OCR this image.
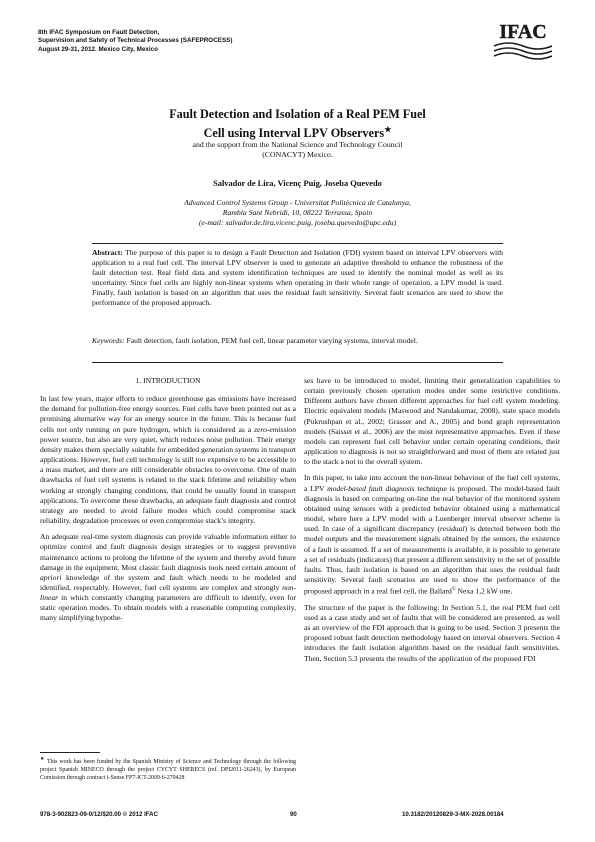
8th IFAC Symposium on Fault Detection,
Supervision and Safety of Technical Processes (SAFEPROCESS)
August 29-31, 2012. Mexico City, Mexico
IFAC
Fault Detection and Isolation of a Real PEM Fuel
Cell using Interval LPV Observers★
and the support from the National Science and Technology Council
(CONACYT) Mexico.
Salvador de Lira, Vicenç Puig, Joseba Quevedo
Advanced Control Systems Group - Universitat Politècnica de Catalunya,
Rambla Sant Nebridi, 10, 08222 Terrassa, Spain
(e-mail: salvador.de.lira,vicenc.puig, joseba.quevedo@upc.edu)
Abstract: The purpose of this paper is to design a Fault Detection and Isolation (FDI) system based on interval LPV observers with application to a real fuel cell. The interval LPV observer is used to generate an adaptive threshold to enhance the robustness of the fault detection test. Real field data and system identification techniques are used to identify the nominal model as well as its uncertainty. Since fuel cells are highly non-linear systems when operating in their whole range of operation, a LPV model is used. Finally, fault isolation is based on an algorithm that uses the residual fault sensitivity. Several fault scenarios are used to show the performance of the proposed approach.
Keywords: Fault detection, fault isolation, PEM fuel cell, linear parameter varying systems, interval model.
1. INTRODUCTION

In last few years, major efforts to reduce greenhouse gas emissions have increased the demand for pollution-free energy sources. Fuel cells have been pointed out as a promising alternative way for an energy source in the future. This is because fuel cells not only running on pure hydrogen, which is considered as a zero-emission power source, but also are very quiet, which reduces noise pollution. Their energy density makes them specially suitable for embedded generation systems in transport applications. However, fuel cell technology is still too expensive to be accessible to a mass market, and there are still considerable obstacles to overcome. One of main drawbacks of fuel cell systems is related to the stack lifetime and reliability when working at strongly changing conditions, that could be usually found in transport applications. To overcome these drawbacks, an adequate fault diagnosis and control strategy are needed to avoid failure modes which could compromise stack reliability, degradation processes or even compromise stack’s integrity.

An adequate real-time system diagnosis can provide valuable information either to optimize control and fault diagnosis design strategies or to suggest preventive maintenance actions to prolong the lifetime of the system and thereby avoid future damage in the equipment. Most classic fault diagnosis tools need certain amount of apriori knowledge of the system and fault which needs to be modeled and identified, respectably. However, fuel cell systems are complex and strongly non-linear in which constantly changing parameters are difficult to identify, even for static operation modes. To obtain models with a reasonable computing complexity, many simplifying hypothe-

★ This work has been funded by the Spanish Ministry of Science and Technology through the following project Spanish MINECO through the project CYCYT SHERECS (ref. DPI2011-26243), by European Comission through contract i-Sense FP7-ICT-2009-6-270428

ses have to be introduced to model, limiting their generalization capabilities to certain previously chosen operation modes under some restrictive conditions. Different authors have chosen different approaches for fuel cell system modeling. Electric equivalent models (Maswood and Nandakumar, 2008), state space models (Pukrushpan et al., 2002; Grasser and A., 2005) and bond graph representation models (Saisset et al., 2006) are the most representative approaches. Even if these models can represent fuel cell behavior under certain operating conditions, their application to diagnosis is not so straightforward and most of them are related just to the stack a not to the overall system.

In this paper, to take into account the non-linear behaviour of the fuel cell systems, a LPV model-based fault diagnosis technique is proposed. The model-based fault diagnosis is based on comparing on-line the real behavior of the monitored system obtained using sensors with a predicted behavior obtained using a mathematical model, where here a LPV model with a Luenberger interval observer scheme is used. In case of a significant discrepancy (residual) is detected between both the model outputs and the measurement signals obtained by the sensors, the existence of a fault is assumed. If a set of measurements is available, it is possible to generate a set of residuals (indicators) that present a different sensitivity to the set of possible faults. Thus, fault isolation is based on an algorithm that uses the residual fault sensitivity. Several fault scenarios are used to show the performance of the proposed approach in a real fuel cell, the Ballard© Nexa 1,2 kW one.

The structure of the paper is the following: In Section 5.1, the real PEM fuel cell used as a case study and set of faults that will be considered are presented, as well as an overview of the FDI approach that is going to be used. Section 3 presents the proposed robust fault detection methodology based on interval observers. Section 4 introduces the fault isolation algorithm based on the residual fault sensitivities. Then, Section 5.3 presents the results of the application of the proposed FDI

978-3-902823-09-0/12/$20.00 © 2012 IFAC	90	10.3182/20120829-3-MX-2028.00184
